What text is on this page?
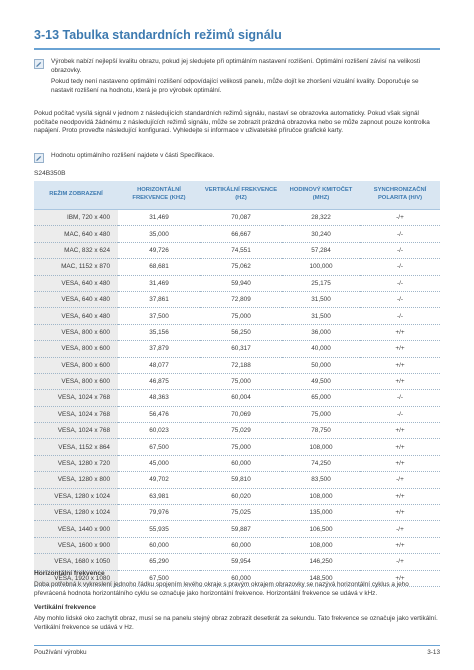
3-13 Tabulka standardních režimů signálu

Výrobek nabízí nejlepší kvalitu obrazu, pokud jej sledujete při optimálním nastavení rozlišení. Optimální rozlišení závisí na velikosti obrazovky.

Pokud tedy není nastaveno optimální rozlišení odpovídající velikosti panelu, může dojít ke zhoršení vizuální kvality. Doporučuje se nastavit rozlišení na hodnotu, která je pro výrobek optimální.

Pokud počítač vysílá signál v jednom z následujících standardních režimů signálu, nastaví se obrazovka automaticky. Pokud však signál počítače neodpovídá žádnému z následujících režimů signálu, může se zobrazit prázdná obrazovka nebo se může zapnout pouze kontrolka napájení. Proto proveďte následující konfiguraci. Vyhledejte si informace v uživatelské příručce grafické karty.

Hodnotu optimálního rozlišení najdete v části Specifikace.

S24B350B
REŽIM ZOBRAZENÍ	HORIZONTÁLNÍ FREKVENCE (KHZ)	VERTIKÁLNÍ FREKVENCE (HZ)	HODINOVÝ KMITOČET (MHZ)	SYNCHRONIZAČNÍ POLARITA (H/V)
IBM, 720 x 400	31,469	70,087	28,322	-/+
MAC, 640 x 480	35,000	66,667	30,240	-/-
MAC, 832 x 624	49,726	74,551	57,284	-/-
MAC, 1152 x 870	68,681	75,062	100,000	-/-
VESA, 640 x 480	31,469	59,940	25,175	-/-
VESA, 640 x 480	37,861	72,809	31,500	-/-
VESA, 640 x 480	37,500	75,000	31,500	-/-
VESA, 800 x 600	35,156	56,250	36,000	+/+
VESA, 800 x 600	37,879	60,317	40,000	+/+
VESA, 800 x 600	48,077	72,188	50,000	+/+
VESA, 800 x 600	46,875	75,000	49,500	+/+
VESA, 1024 x 768	48,363	60,004	65,000	-/-
VESA, 1024 x 768	56,476	70,069	75,000	-/-
VESA, 1024 x 768	60,023	75,029	78,750	+/+
VESA, 1152 x 864	67,500	75,000	108,000	+/+
VESA, 1280 x 720	45,000	60,000	74,250	+/+
VESA, 1280 x 800	49,702	59,810	83,500	-/+
VESA, 1280 x 1024	63,981	60,020	108,000	+/+
VESA, 1280 x 1024	79,976	75,025	135,000	+/+
VESA, 1440 x 900	55,935	59,887	106,500	-/+
VESA, 1600 x 900	60,000	60,000	108,000	+/+
VESA, 1680 x 1050	65,290	59,954	146,250	-/+
VESA, 1920 x 1080	67,500	60,000	148,500	+/+

Horizontální frekvence

Doba potřebná k vykreslení jednoho řádku spojením levého okraje s pravým okrajem obrazovky se nazývá horizontální cyklus a jeho převrácená hodnota horizontálního cyklu se označuje jako horizontální frekvence. Horizontální frekvence se udává v kHz.

Vertikální frekvence

Aby mohlo lidské oko zachytit obraz, musí se na panelu stejný obraz zobrazit desetkrát za sekundu. Tato frekvence se označuje jako vertikální. Vertikální frekvence se udává v Hz.

Používání výrobku	3-13
